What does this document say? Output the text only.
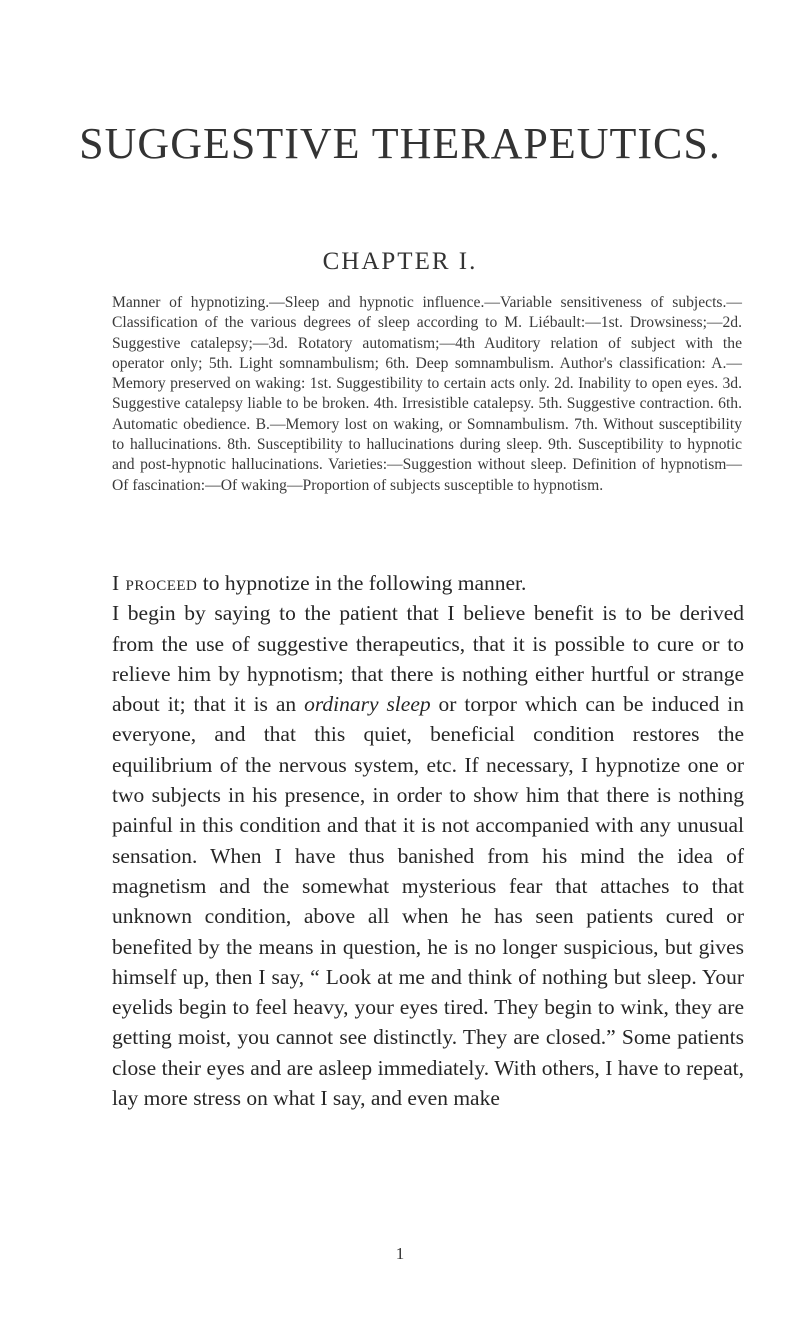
SUGGESTIVE THERAPEUTICS.
CHAPTER I.

Manner of hypnotizing.—Sleep and hypnotic influence.—Variable sensitiveness of subjects.—Classification of the various degrees of sleep according to M. Liébault:—1st. Drowsiness;—2d. Suggestive catalepsy;—3d. Rotatory automatism;—4th Auditory relation of subject with the operator only; 5th. Light somnambulism; 6th. Deep somnambulism. Author's classification: A.—Memory preserved on waking: 1st. Suggestibility to certain acts only. 2d. Inability to open eyes. 3d. Suggestive catalepsy liable to be broken. 4th. Irresistible catalepsy. 5th. Suggestive contraction. 6th. Automatic obedience. B.—Memory lost on waking, or Somnambulism. 7th. Without susceptibility to hallucinations. 8th. Susceptibility to hallucinations during sleep. 9th. Susceptibility to hypnotic and post-hypnotic hallucinations. Varieties:—Suggestion without sleep. Definition of hypnotism—Of fascination:—Of waking—Proportion of subjects susceptible to hypnotism.

I proceed to hypnotize in the following manner.

I begin by saying to the patient that I believe benefit is to be derived from the use of suggestive therapeutics, that it is possible to cure or to relieve him by hypnotism; that there is nothing either hurtful or strange about it; that it is an ordinary sleep or torpor which can be induced in everyone, and that this quiet, beneficial condition restores the equilibrium of the nervous system, etc. If necessary, I hypnotize one or two subjects in his presence, in order to show him that there is nothing painful in this condition and that it is not accompanied with any unusual sensation. When I have thus banished from his mind the idea of magnetism and the somewhat mysterious fear that attaches to that unknown condition, above all when he has seen patients cured or benefited by the means in question, he is no longer suspicious, but gives himself up, then I say, “ Look at me and think of nothing but sleep. Your eyelids begin to feel heavy, your eyes tired. They begin to wink, they are getting moist, you cannot see distinctly. They are closed.” Some patients close their eyes and are asleep immediately. With others, I have to repeat, lay more stress on what I say, and even make

1
